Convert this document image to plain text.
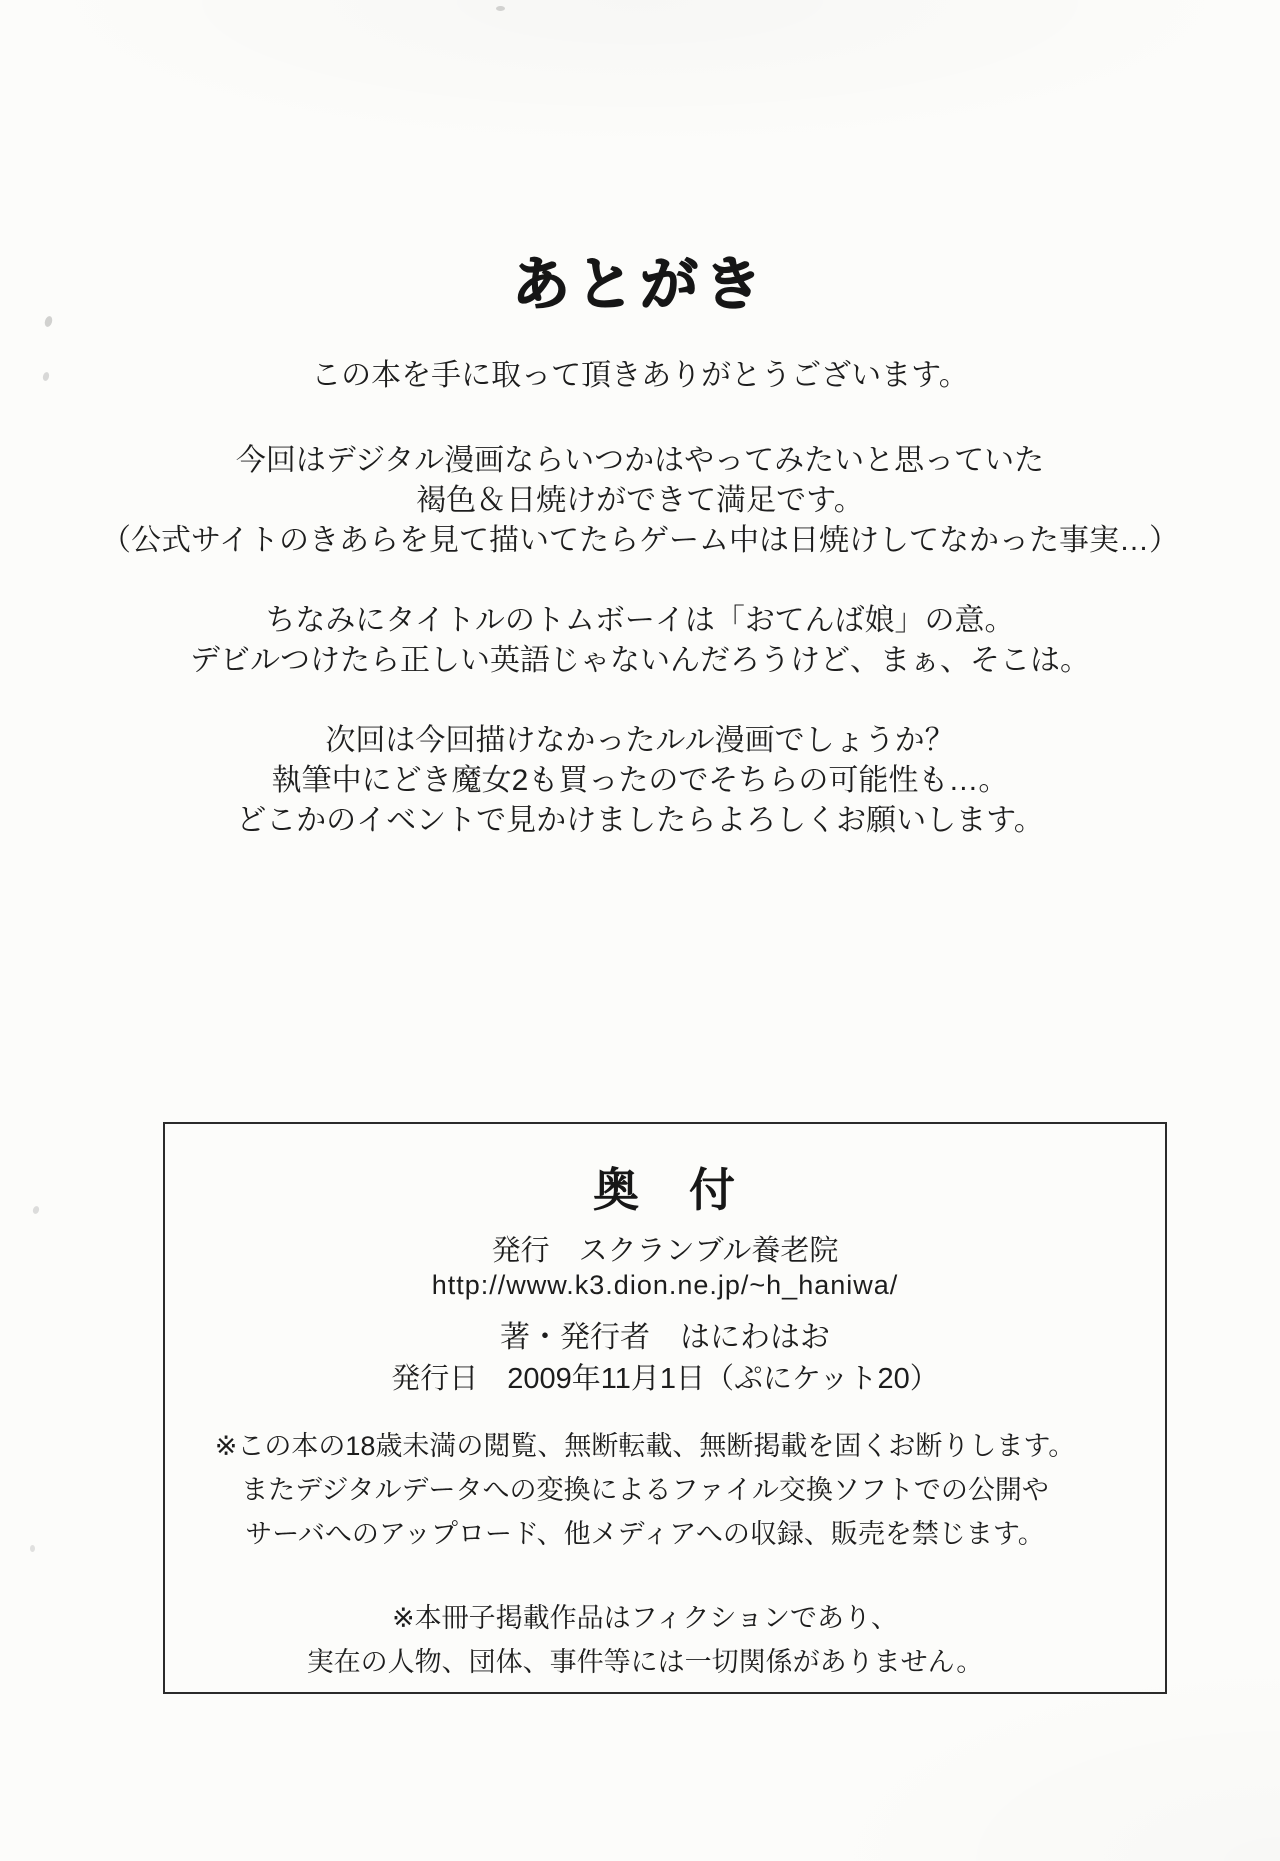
あとがき
この本を手に取って頂きありがとうございます。
今回はデジタル漫画ならいつかはやってみたいと思っていた
褐色＆日焼けができて満足です。
（公式サイトのきあらを見て描いてたらゲーム中は日焼けしてなかった事実…）
ちなみにタイトルのトムボーイは「おてんば娘」の意。
デビルつけたら正しい英語じゃないんだろうけど、まぁ、そこは。
次回は今回描けなかったルル漫画でしょうか？
執筆中にどき魔女2も買ったのでそちらの可能性も…。
どこかのイベントで見かけましたらよろしくお願いします。
奥　付
発行　スクランブル養老院
http://www.k3.dion.ne.jp/~h_haniwa/
著・発行者　はにわはお
発行日　2009年11月1日（ぷにケット20）
※この本の18歳未満の閲覧、無断転載、無断掲載を固くお断りします。
またデジタルデータへの変換によるファイル交換ソフトでの公開や
サーバへのアップロード、他メディアへの収録、販売を禁じます。
※本冊子掲載作品はフィクションであり、
実在の人物、団体、事件等には一切関係がありません。
